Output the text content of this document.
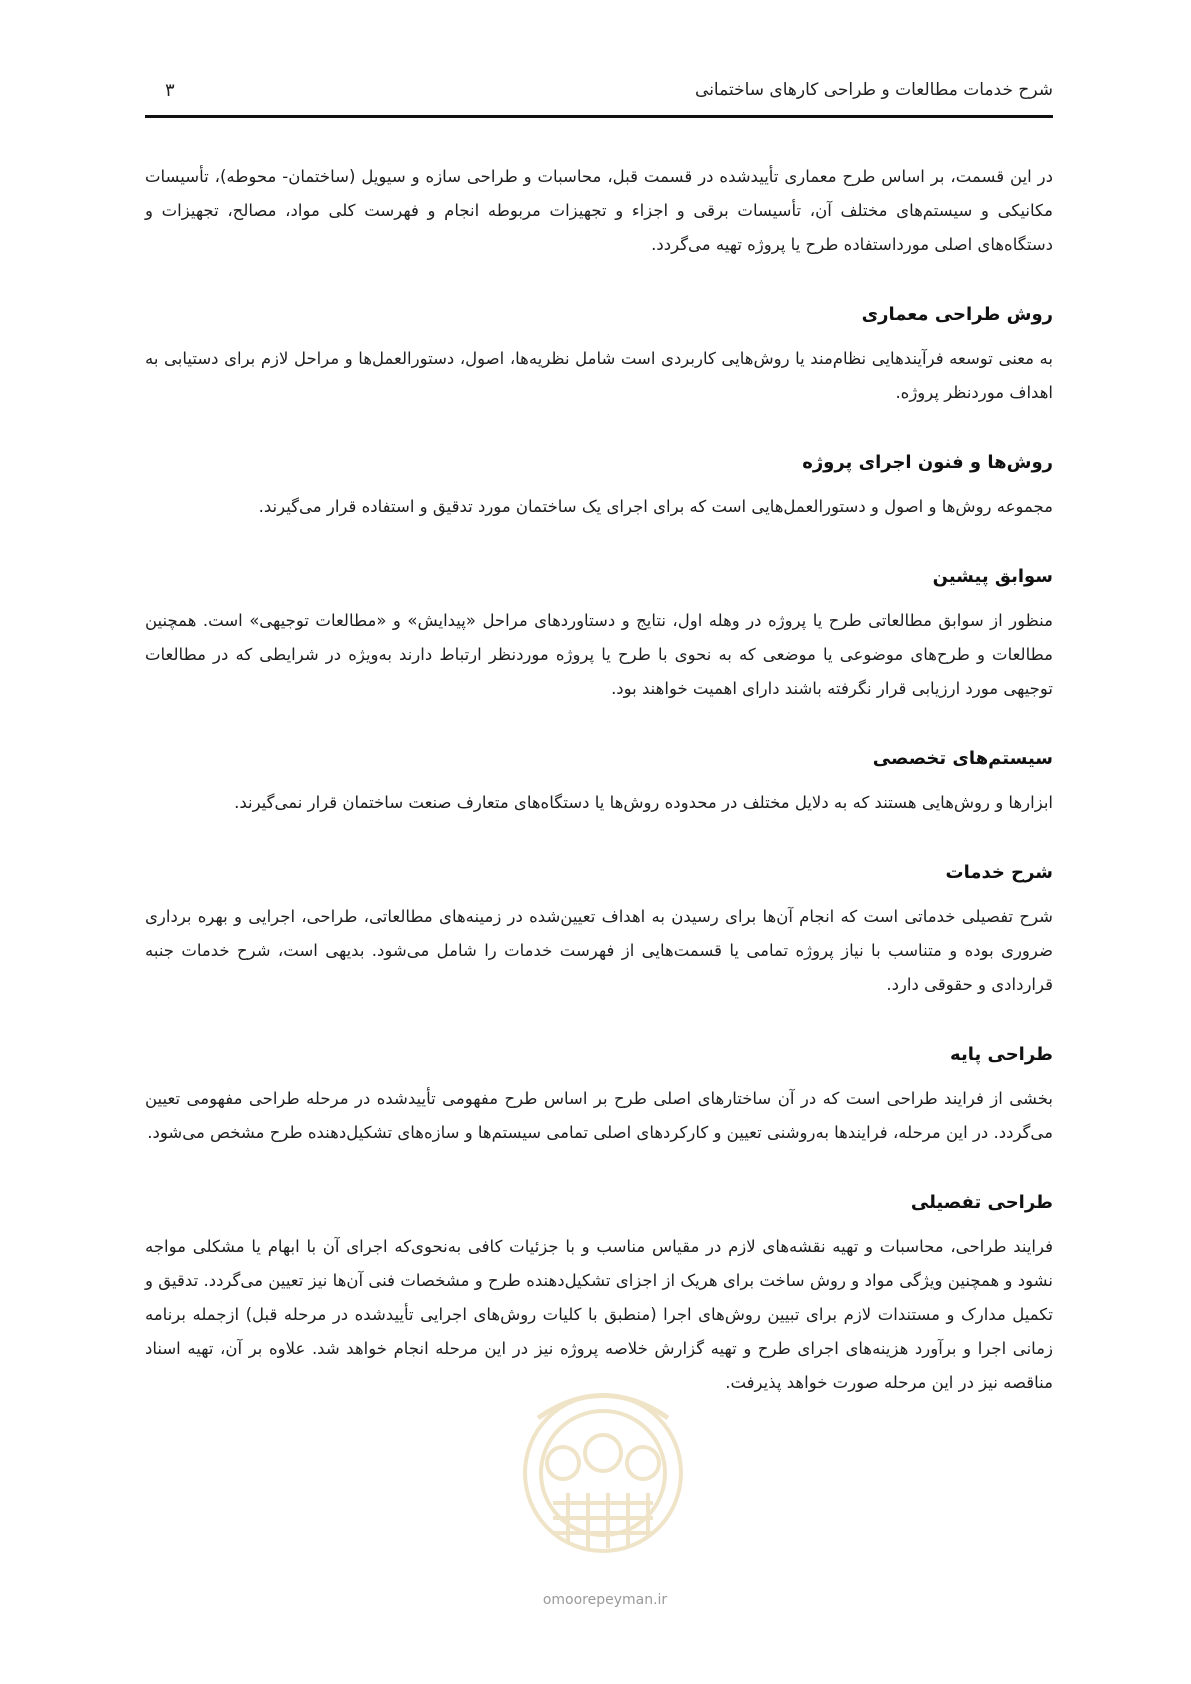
شرح خدمات مطالعات و طراحی کارهای ساختمانی
۳

در این قسمت، بر اساس طرح معماری تأییدشده در قسمت قبل، محاسبات و طراحی سازه و سیویل (ساختمان- محوطه)، تأسیسات مکانیکی و سیستم‌های مختلف آن، تأسیسات برقی و اجزاء و تجهیزات مربوطه انجام و فهرست کلی مواد، مصالح، تجهیزات و دستگاه‌های اصلی مورداستفاده طرح یا پروژه تهیه می‌گردد.

روش طراحی معماری

به معنی توسعه فرآیندهایی نظام‌مند یا روش‌هایی کاربردی است شامل نظریه‌ها، اصول، دستورالعمل‌ها و مراحل لازم برای دستیابی به اهداف موردنظر پروژه.

روش‌ها و فنون اجرای پروژه

مجموعه روش‌ها و اصول و دستورالعمل‌هایی است که برای اجرای یک ساختمان مورد تدقیق و استفاده قرار می‌گیرند.

سوابق پیشین

منظور از سوابق مطالعاتی طرح یا پروژه در وهله اول، نتایج و دستاوردهای مراحل «پیدایش» و «مطالعات توجیهی» است. همچنین مطالعات و طرح‌های موضوعی یا موضعی که به نحوی با طرح یا پروژه موردنظر ارتباط دارند به‌ویژه در شرایطی که در مطالعات توجیهی مورد ارزیابی قرار نگرفته باشند دارای اهمیت خواهند بود.

سیستم‌های تخصصی

ابزارها و روش‌هایی هستند که به دلایل مختلف در محدوده روش‌ها یا دستگاه‌های متعارف صنعت ساختمان قرار نمی‌گیرند.

شرح خدمات

شرح تفصیلی خدماتی است که انجام آن‌ها برای رسیدن به اهداف تعیین‌شده در زمینه‌های مطالعاتی، طراحی، اجرایی و بهره برداری ضروری بوده و متناسب با نیاز پروژه تمامی یا قسمت‌هایی از فهرست خدمات را شامل می‌شود. بدیهی است، شرح خدمات جنبه قراردادی و حقوقی دارد.

طراحی پایه

بخشی از فرایند طراحی است که در آن ساختارهای اصلی طرح بر اساس طرح مفهومی تأییدشده در مرحله طراحی مفهومی تعیین می‌گردد. در این مرحله، فرایندها به‌روشنی تعیین و کارکردهای اصلی تمامی سیستم‌ها و سازه‌های تشکیل‌دهنده طرح مشخص می‌شود.

طراحی تفصیلی

فرایند طراحی، محاسبات و تهیه نقشه‌های لازم در مقیاس مناسب و با جزئیات کافی به‌نحوی‌که اجرای آن با ابهام یا مشکلی مواجه نشود و همچنین ویژگی مواد و روش ساخت برای هریک از اجزای تشکیل‌دهنده طرح و مشخصات فنی آن‌ها نیز تعیین می‌گردد. تدقیق و تکمیل مدارک و مستندات لازم برای تبیین روش‌های اجرا (منطبق با کلیات روش‌های اجرایی تأییدشده در مرحله قبل) ازجمله برنامه زمانی اجرا و برآورد هزینه‌های اجرای طرح و تهیه گزارش خلاصه پروژه نیز در این مرحله انجام خواهد شد. علاوه بر آن، تهیه اسناد مناقصه نیز در این مرحله صورت خواهد پذیرفت.

omoorepeyman.ir
